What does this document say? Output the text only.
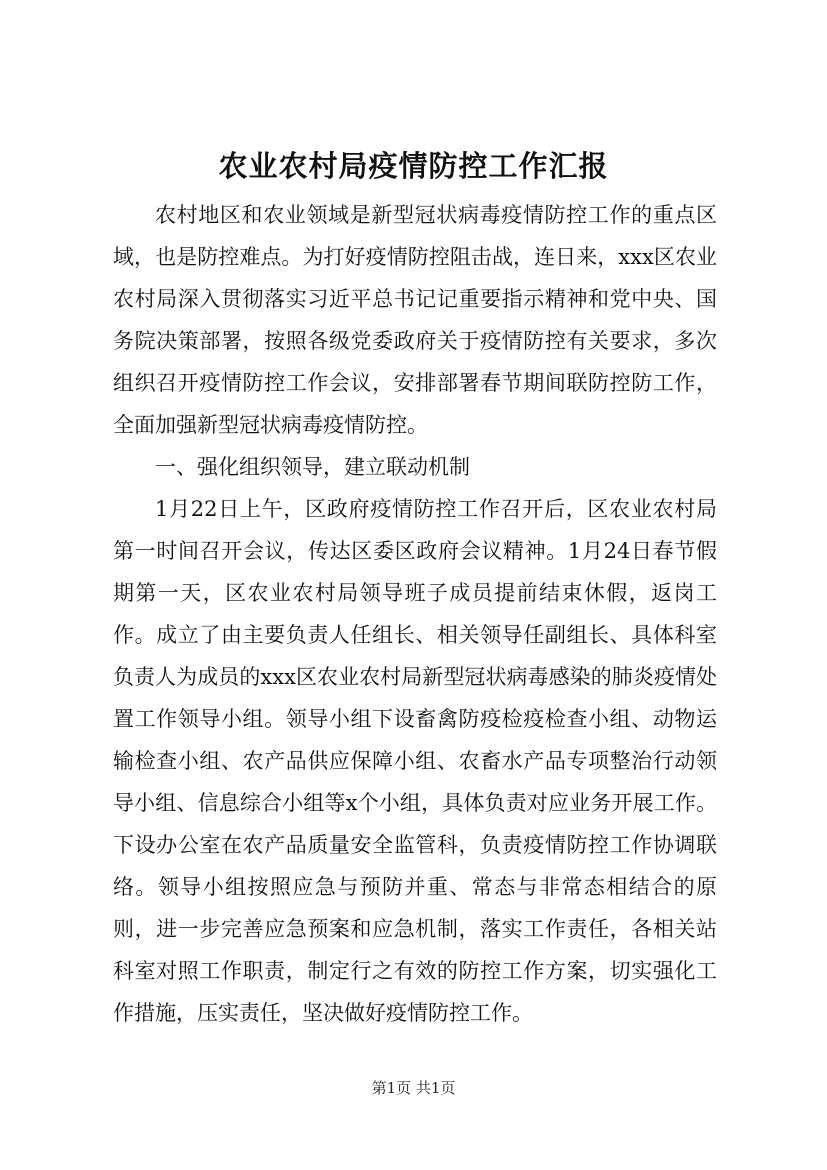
农业农村局疫情防控工作汇报

农村地区和农业领域是新型冠状病毒疫情防控工作的重点区域，也是防控难点。为打好疫情防控阻击战，连日来，xxx区农业农村局深入贯彻落实习近平总书记记重要指示精神和党中央、国务院决策部署，按照各级党委政府关于疫情防控有关要求，多次组织召开疫情防控工作会议，安排部署春节期间联防控防工作，全面加强新型冠状病毒疫情防控。

一、强化组织领导，建立联动机制

1月22日上午，区政府疫情防控工作召开后，区农业农村局第一时间召开会议，传达区委区政府会议精神。1月24日春节假期第一天，区农业农村局领导班子成员提前结束休假，返岗工作。成立了由主要负责人任组长、相关领导任副组长、具体科室负责人为成员的xxx区农业农村局新型冠状病毒感染的肺炎疫情处置工作领导小组。领导小组下设畜禽防疫检疫检查小组、动物运输检查小组、农产品供应保障小组、农畜水产品专项整治行动领导小组、信息综合小组等x个小组，具体负责对应业务开展工作。下设办公室在农产品质量安全监管科，负责疫情防控工作协调联络。领导小组按照应急与预防并重、常态与非常态相结合的原则，进一步完善应急预案和应急机制，落实工作责任，各相关站科室对照工作职责，制定行之有效的防控工作方案，切实强化工作措施，压实责任，坚决做好疫情防控工作。

第1页 共1页
